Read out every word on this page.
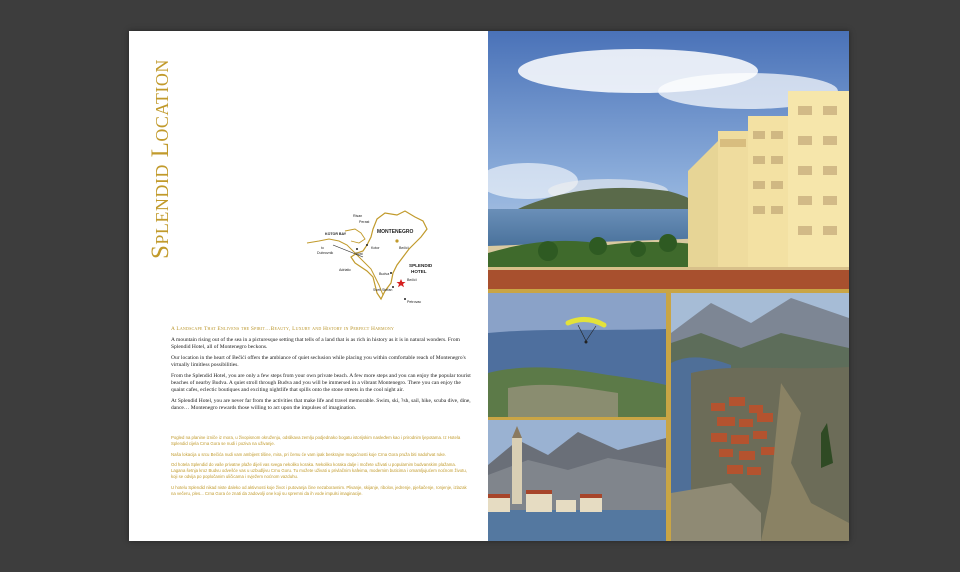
Splendid Location	MONTENEGRO
Bečići
Risan
Perast
KOTOR BAY
Kotor
Tivat
to
Dubrovnik
Adriatic
Budva
SPLENDID
HOTEL
Bečići
Sveti Stefan
Petrovac
A Landscape That Enlivens the Spirit…Beauty, Luxury and History in Perfect Harmony

A mountain rising out of the sea in a picturesque setting that tells of a land that is as rich in history as it is in natural wonders. From Splendid Hotel, all of Montenegro beckons.

Our location in the heart of Bečići offers the ambiance of quiet seclusion while placing you within comfortable reach of Montenegro's virtually limitless possibilities.

From the Splendid Hotel, you are only a few steps from your own private beach. A few more steps and you can enjoy the popular tourist beaches of nearby Budva. A quiet stroll through Budva and you will be immersed in a vibrant Montenegro. There you can enjoy the quaint cafes, eclectic boutiques and exciting nightlife that spills onto the stone streets in the cool night air.

At Splendid Hotel, you are never far from the activities that make life and travel memorable. Swim, ski, ?sh, sail, hike, scuba dive, dine, dance… Montenegro rewards those willing to act upon the impulses of imagination.

Pogled na planine izniče iz mora, u živopisnom okruženju, odslikava zemlju podjednako bogatu istorijskim nasleđem kao i prirodnim ljepotama. Iz Hotela Splendid cijela Crna Gora se nudi i poziva na uživanje.

Naša lokacija u srcu Bečića nudi vam ambijent tišine, mira, pri čemu će vam ipak beskrajne mogućnosti koje Crna Gora pruža biti nadohvat ruke.

Od hotela Splendid do vaše privatne plaže dijeli vas svega nekoliko koraka. Nekoliko koraka dalje i možete uživati u popularnim budvanskim plažama. Lagana šetnja kroz Budvu odvešće vas u uzbudljivu Crnu Goru. Tu možete uživati u privlačnim kafeima, modernim buticima i omamljujućem noćnom životu, koji se odvija po popločanim uličicama i svježem noćnom vazduhu.

U hotelu Splendid nikad niste daleko od aktivnosti koje život i putovanja čine nezaboravnim. Plivanje, skijanje, ribolov, jedrenje, pješačenje, ronjenje, izlazak na večeru, ples... Crna Gora će znati da zadovolji one koji su spremni da ih vode impulsi imaginacije.
